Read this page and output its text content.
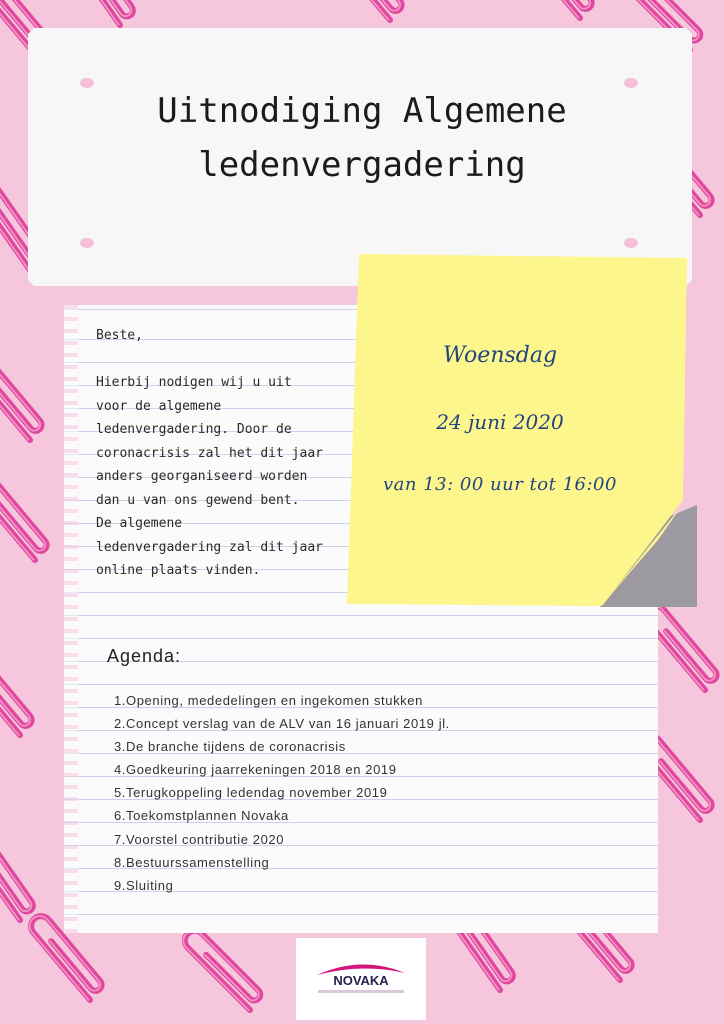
Uitnodiging Algemene
ledenvergadering

Beste,

Hierbij nodigen wij u uit

voor de algemene

ledenvergadering. Door de

coronacrisis zal het dit jaar

anders georganiseerd worden

dan u van ons gewend bent.

De algemene

ledenvergadering zal dit jaar

online plaats vinden.

Agenda:
1.Opening, mededelingen en ingekomen stukken
2.Concept verslag van de ALV van 16 januari 2019 jl.
3.De branche tijdens de coronacrisis
4.Goedkeuring jaarrekeningen 2018 en 2019
5.Terugkoppeling ledendag november 2019
6.Toekomstplannen Novaka
7.Voorstel contributie 2020
8.Bestuurssamenstelling
9.Sluiting

Woensdag

24 juni 2020

van 13: 00 uur tot 16:00

NOVAKA
